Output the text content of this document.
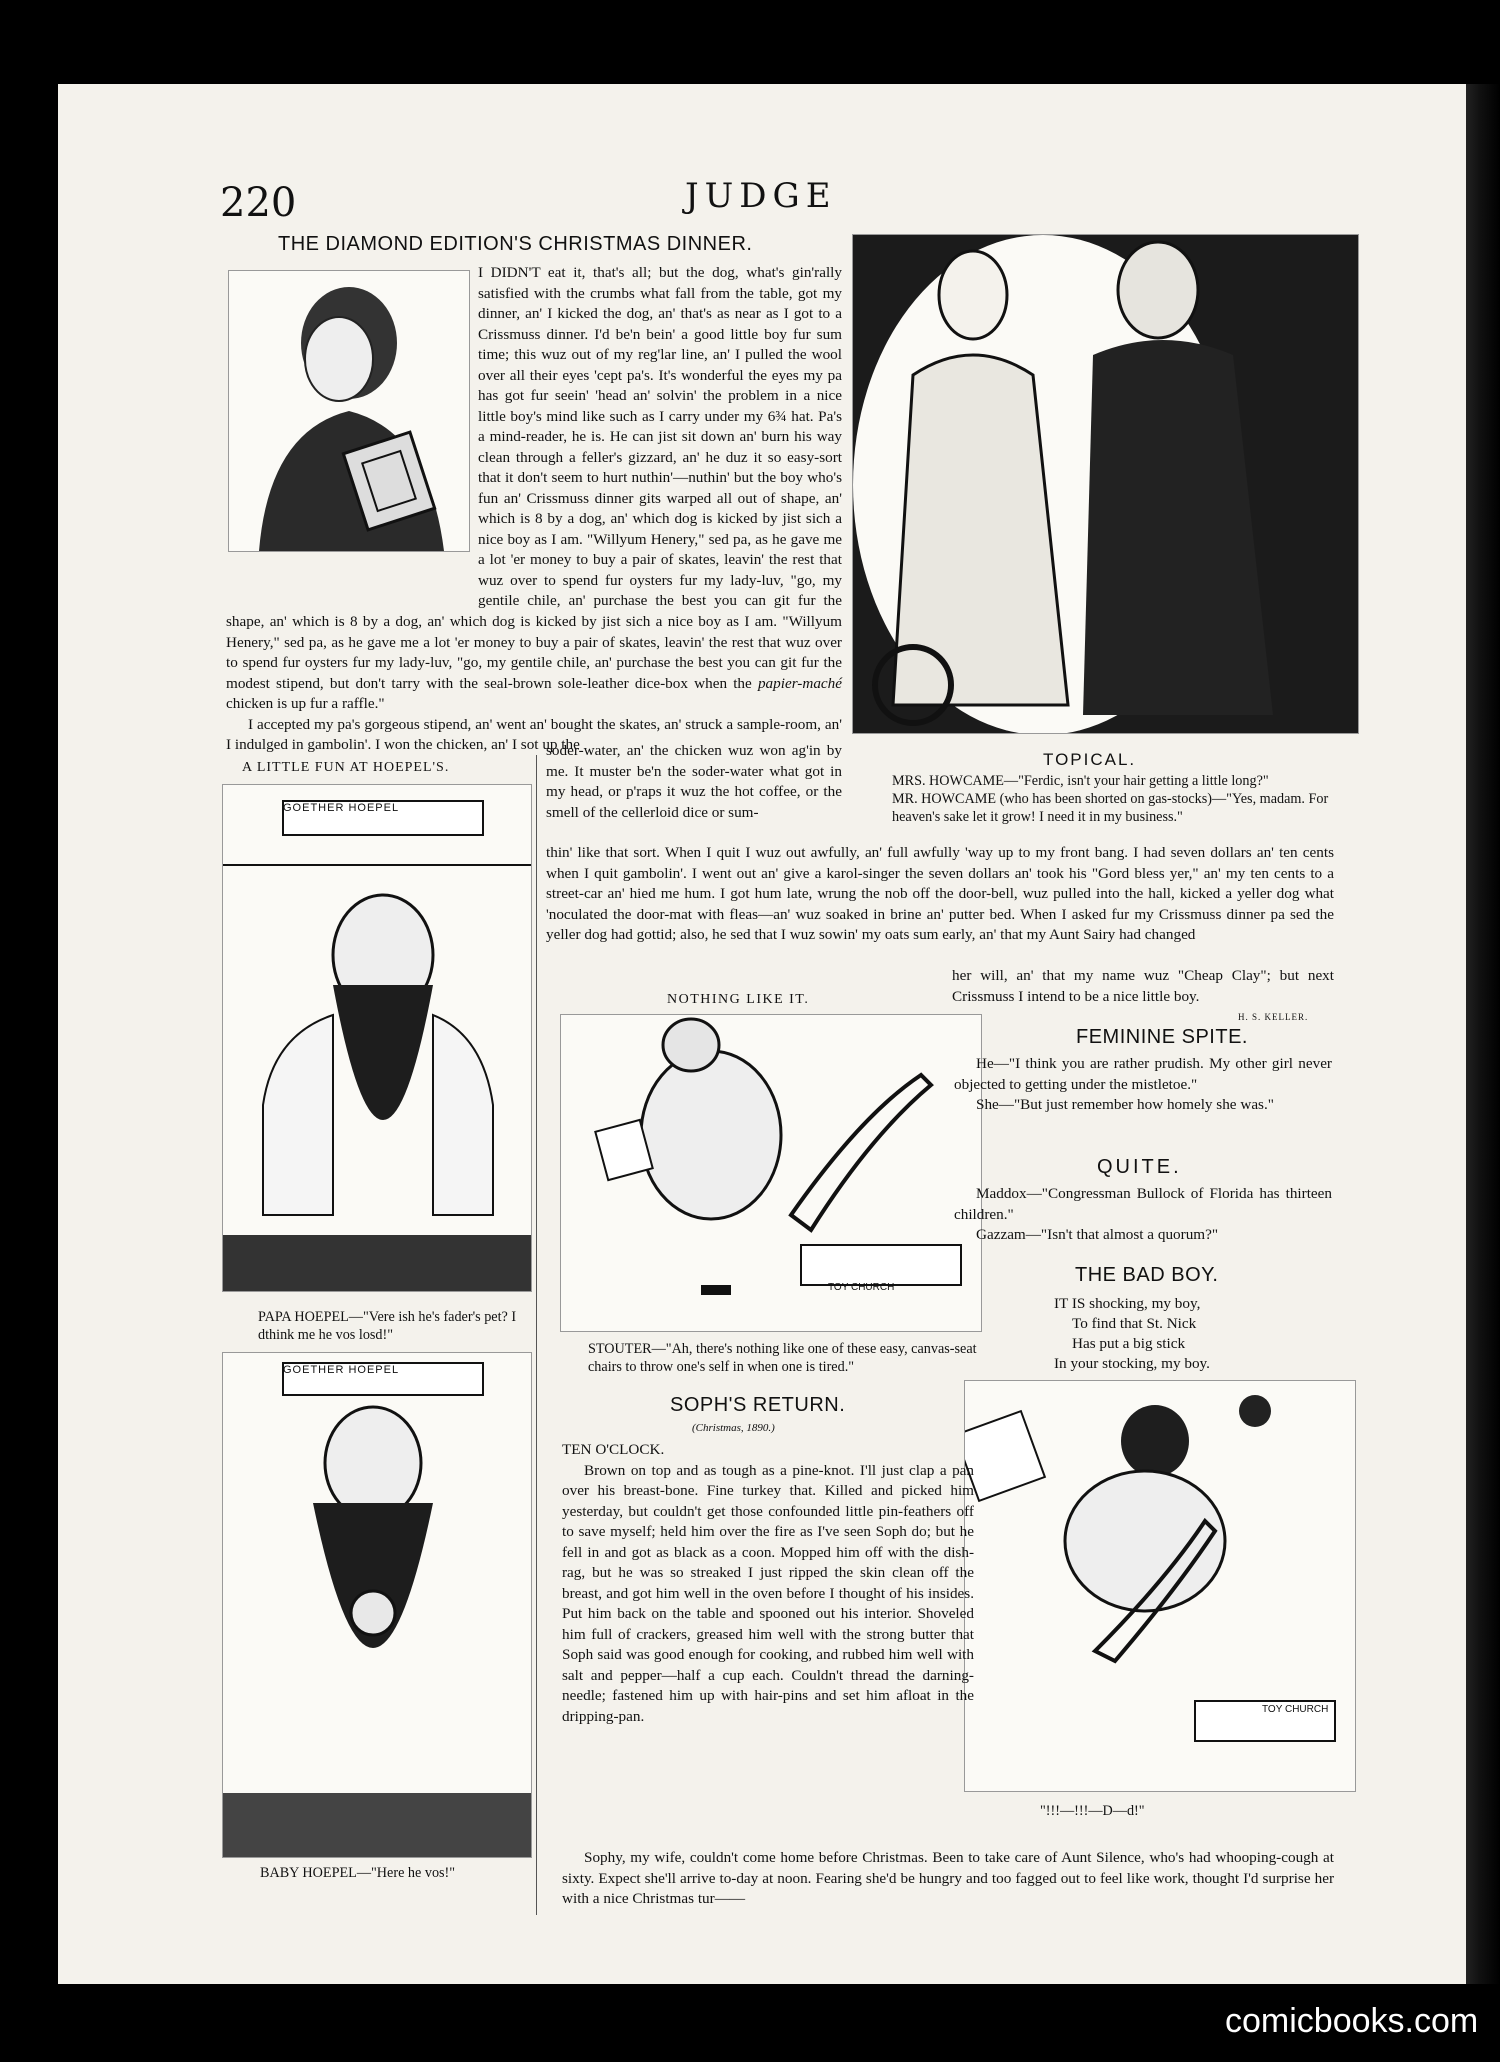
220	JUDGE
THE DIAMOND EDITION'S CHRISTMAS DINNER.

I DIDN'T eat it, that's all; but the dog, what's gin'rally satisfied with the crumbs what fall from the table, got my dinner, an' I kicked the dog, an' that's as near as I got to a Crissmuss dinner. I'd be'n bein' a good little boy fur sum time; this wuz out of my reg'lar line, an' I pulled the wool over all their eyes 'cept pa's. It's wonderful the eyes my pa has got fur seein' 'head an' solvin' the problem in a nice little boy's mind like such as I carry under my 6¾ hat. Pa's a mind-reader, he is. He can jist sit down an' burn his way clean through a feller's gizzard, an' he duz it so easy-sort that it don't seem to hurt nuthin'—nuthin' but the boy who's fun an' Crissmuss dinner gits warped all out of shape, an' which is 8 by a dog, an' which dog is kicked by jist sich a nice boy as I am. "Willyum Henery," sed pa, as he gave me a lot 'er money to buy a pair of skates, leavin' the rest that wuz over to spend fur oysters fur my lady-luv, "go, my gentile chile, an' purchase the best you can git fur the

shape, an' which is 8 by a dog, an' which dog is kicked by jist sich a nice boy as I am. "Willyum Henery," sed pa, as he gave me a lot 'er money to buy a pair of skates, leavin' the rest that wuz over to spend fur oysters fur my lady-luv, "go, my gentile chile, an' purchase the best you can git fur the modest stipend, but don't tarry with the seal-brown sole-leather dice-box when the papier-maché chicken is up fur a raffle."

I accepted my pa's gorgeous stipend, an' went an' bought the skates, an' struck a sample-room, an' I indulged in gambolin'. I won the chicken, an' I sot up the

TOPICAL.
MRS. HOWCAME—"Ferdic, isn't your hair getting a little long?"
MR. HOWCAME (who has been shorted on gas-stocks)—"Yes, madam. For heaven's sake let it grow! I need it in my business."

soder-water, an' the chicken wuz won ag'in by me. It muster be'n the soder-water what got in my head, or p'raps it wuz the hot coffee, or the smell of the cellerloid dice or sum-

thin' like that sort. When I quit I wuz out awfully, an' full awfully 'way up to my front bang. I had seven dollars an' ten cents when I quit gambolin'. I went out an' give a karol-singer the seven dollars an' took his "Gord bless yer," an' my ten cents to a street-car an' hied me hum. I got hum late, wrung the nob off the door-bell, wuz pulled into the hall, kicked a yeller dog what 'noculated the door-mat with fleas—an' wuz soaked in brine an' putter bed. When I asked fur my Crissmuss dinner pa sed the yeller dog had gottid; also, he sed that I wuz sowin' my oats sum early, an' that my Aunt Sairy had changed

her will, an' that my name wuz "Cheap Clay"; but next Crissmuss I intend to be a nice little boy.

H. S. KELLER.
A LITTLE FUN AT HOEPEL'S.
GOETHER HOEPEL
PAPA HOEPEL—"Vere ish he's fader's pet? I dthink me he vos losd!"
GOETHER HOEPEL
BABY HOEPEL—"Here he vos!"
NOTHING LIKE IT.
TOY CHURCH
STOUTER—"Ah, there's nothing like one of these easy, canvas-seat chairs to throw one's self in when one is tired."
FEMININE SPITE.

He—"I think you are rather prudish. My other girl never objected to getting under the mistletoe."

She—"But just remember how homely she was."

QUITE.

Maddox—"Congressman Bullock of Florida has thirteen children."

Gazzam—"Isn't that almost a quorum?"

THE BAD BOY.
IT IS shocking, my boy,
To find that St. Nick
Has put a big stick
In your stocking, my boy.
TOY CHURCH
"!!!—!!!—D—d!"
SOPH'S RETURN.
(Christmas, 1890.)

TEN O'CLOCK.

Brown on top and as tough as a pine-knot. I'll just clap a pan over his breast-bone. Fine turkey that. Killed and picked him yesterday, but couldn't get those confounded little pin-feathers off to save myself; held him over the fire as I've seen Soph do; but he fell in and got as black as a coon. Mopped him off with the dish-rag, but he was so streaked I just ripped the skin clean off the breast, and got him well in the oven before I thought of his insides. Put him back on the table and spooned out his interior. Shoveled him full of crackers, greased him well with the strong butter that Soph said was good enough for cooking, and rubbed him well with salt and pepper—half a cup each. Couldn't thread the darning-needle; fastened him up with hair-pins and set him afloat in the dripping-pan.

Sophy, my wife, couldn't come home before Christmas. Been to take care of Aunt Silence, who's had whooping-cough at sixty. Expect she'll arrive to-day at noon. Fearing she'd be hungry and too fagged out to feel like work, thought I'd surprise her with a nice Christmas tur——

comicbooks.com
